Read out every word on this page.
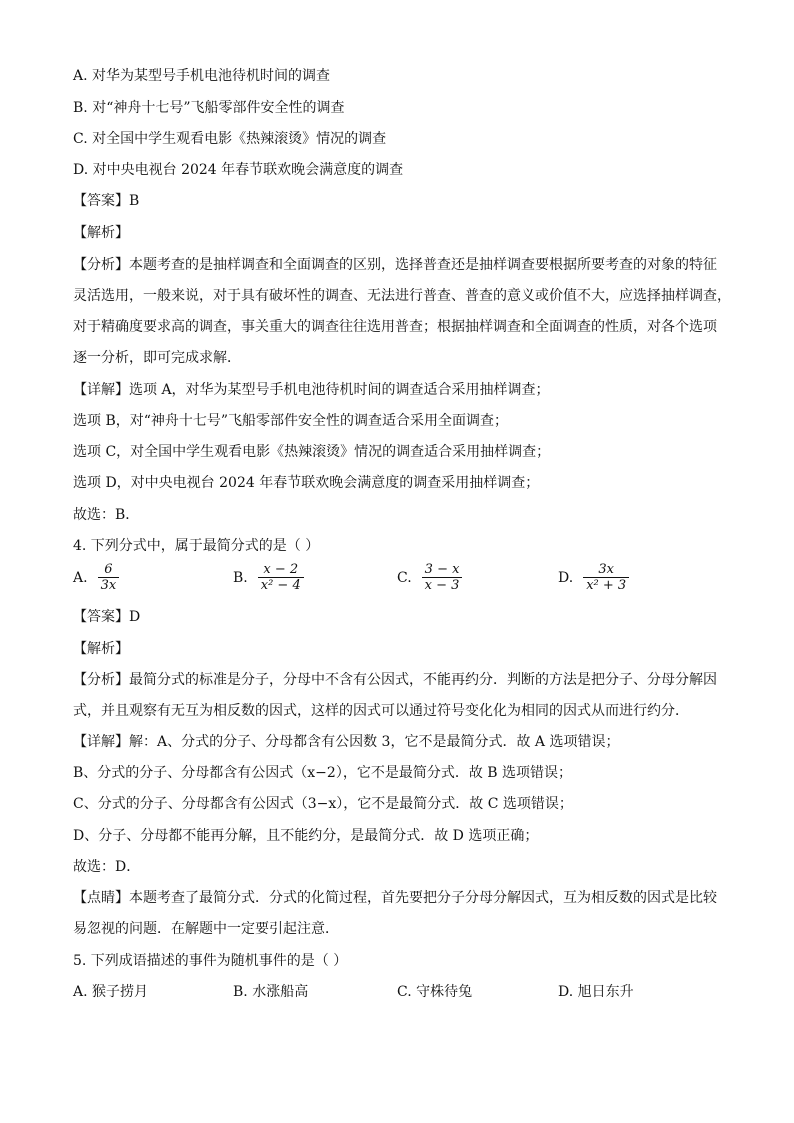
A. 对华为某型号手机电池待机时间的调查
B. 对“神舟十七号”飞船零部件安全性的调查
C. 对全国中学生观看电影《热辣滚烫》情况的调查
D. 对中央电视台 2024 年春节联欢晚会满意度的调查
【答案】B
【解析】
【分析】本题考查的是抽样调查和全面调查的区别，选择普查还是抽样调查要根据所要考查的对象的特征
灵活选用，一般来说，对于具有破坏性的调查、无法进行普查、普查的意义或价值不大，应选择抽样调查，
对于精确度要求高的调查，事关重大的调查往往选用普查；根据抽样调查和全面调查的性质，对各个选项
逐一分析，即可完成求解．
【详解】选项 A，对华为某型号手机电池待机时间的调查适合采用抽样调查；
选项 B，对“神舟十七号”飞船零部件安全性的调查适合采用全面调查；
选项 C，对全国中学生观看电影《热辣滚烫》情况的调查适合采用抽样调查；
选项 D，对中央电视台 2024 年春节联欢晚会满意度的调查采用抽样调查；
故选：B．
4. 下列分式中，属于最简分式的是（ ）
A. $\frac{6}{3x}$	B. $\frac{x - 2}{\text{x² − 4}}$	C. $\frac{3 - x}{x - 3}$	D. $\frac{3x}{\text{x² + 3}}$
【答案】D
【解析】
【分析】最简分式的标准是分子，分母中不含有公因式，不能再约分．判断的方法是把分子、分母分解因
式，并且观察有无互为相反数的因式，这样的因式可以通过符号变化化为相同的因式从而进行约分．
【详解】解：A、分式的分子、分母都含有公因数 3，它不是最简分式．故 A 选项错误；
B、分式的分子、分母都含有公因式（x−2），它不是最简分式．故 B 选项错误；
C、分式的分子、分母都含有公因式（3−x），它不是最简分式．故 C 选项错误；
D、分子、分母都不能再分解，且不能约分，是最简分式．故 D 选项正确；
故选：D．
【点睛】本题考查了最简分式．分式的化简过程，首先要把分子分母分解因式，互为相反数的因式是比较
易忽视的问题．在解题中一定要引起注意．
5. 下列成语描述的事件为随机事件的是（ ）
A. 猴子捞月	B. 水涨船高	C. 守株待兔	D. 旭日东升
